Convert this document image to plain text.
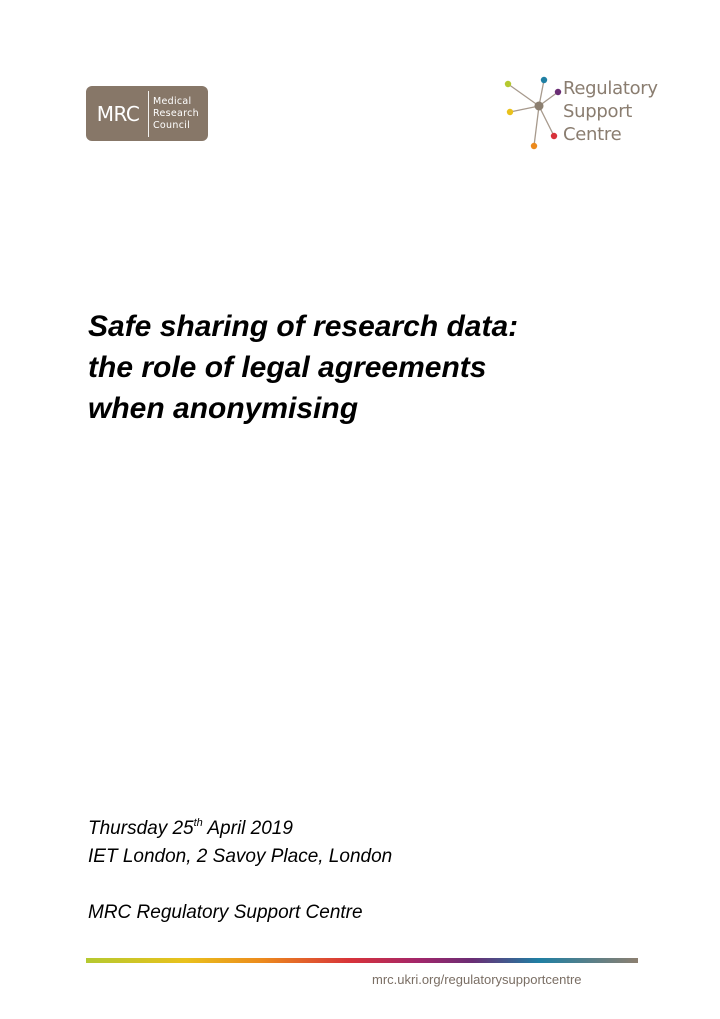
MRC
Medical
Research
Council
Regulatory
Support
Centre
Safe sharing of research data:
the role of legal agreements
when anonymising
Thursday 25th April 2019
IET London, 2 Savoy Place, London
MRC Regulatory Support Centre
mrc.ukri.org/regulatorysupportcentre
